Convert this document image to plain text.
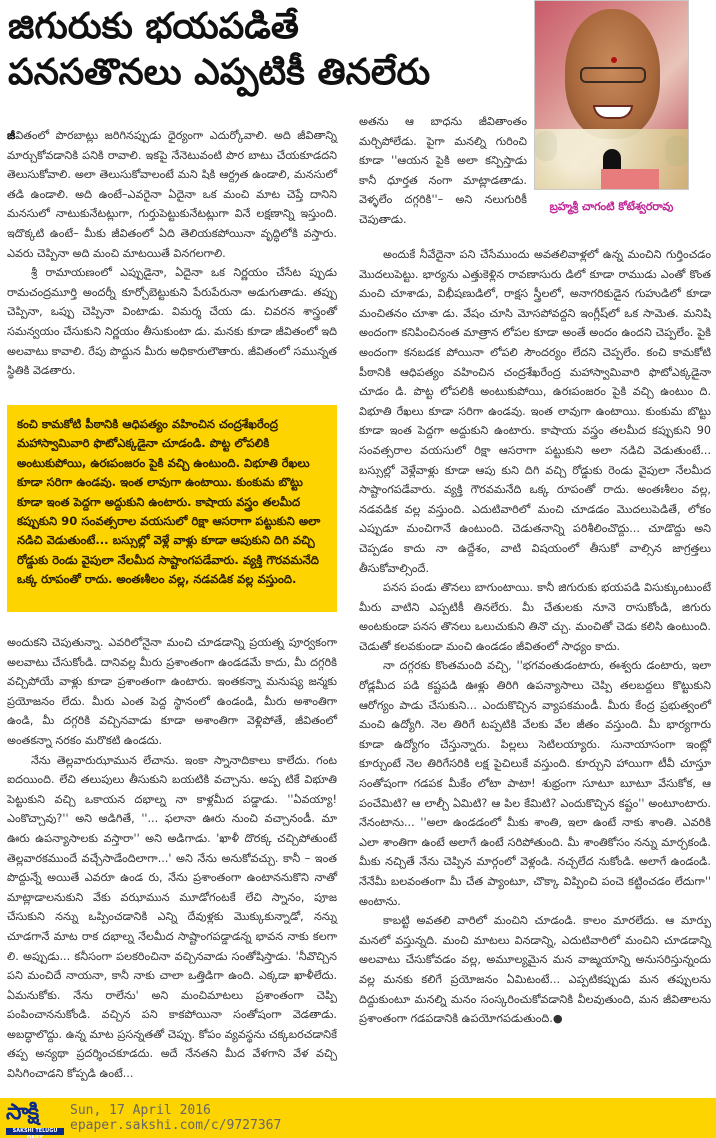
జిగురుకు భయపడితే
పనసతొనలు ఎప్పటికీ తినలేరు
బ్రహ్మశ్రీ చాగంటి కోటేశ్వరరావు

జీవితంలో పొరబాట్లు జరిగినప్పుడు ధైర్యంగా ఎదుర్కోవాలి. అది జీవితాన్ని మార్చుకోవడానికి పనికి రావాలి. ఇకపై నేనెటువంటి పొర బాటు చేయకూడదని తెలుసుకోవాలి. అలా తెలుసుకోవాలంటే మని షికి ఆర్ద్రత ఉండాలి, మనసులో తడి ఉండాలి. అది ఉంటే–ఎవరైనా ఏదైనా ఒక మంచి మాట చెప్తే దానిని మనసులో నాటుకునేటట్లుగా, గుర్తుపెట్టుకునేటట్లుగా వినే లక్షణాన్ని ఇస్తుంది. ఇదొక్కటి ఉంటే– మీకు జీవితంలో ఏది తెలియకపోయినా వృద్ధిలోకి వస్తారు. ఎవరు చెప్పినా అది మంచి మాటయితే వినగలగాలి.

శ్రీ రామాయణంలో ఎప్పుడైనా, ఏదైనా ఒక నిర్ణయం చేసేట ప్పుడు రామచంద్రమూర్తి అందర్నీ కూర్చోబెట్టుకుని పేరుపేరునా అడుగుతాడు. తప్పు చెప్పినా, ఒప్పు చెప్పినా వింటాడు. విమర్శ చేయ డు. చివరన శాస్త్రంతో సమన్వయం చేసుకుని నిర్ణయం తీసుకుంటా డు. మనకు కూడా జీవితంలో ఇది అలవాటు కావాలి. రేపు పొద్దున మీరు అధికారులౌతారు. జీవితంలో సమున్నత స్థితికి వెడతారు.

కంచి కామకోటి పీఠానికి ఆధిపత్యం వహించిన చంద్రశేఖరేంద్ర మహాస్వామివారి ఫొటోఎక్కడైనా చూడండి. పొట్ట లోపలికి అంటుకుపోయి, ఉరఃపంజరం పైకి వచ్చి ఉంటుంది. విభూతి రేఖలు కూడా సరిగా ఉండవు. ఇంత లావుగా ఉంటాయి. కుంకుమ బొట్టు కూడా ఇంత పెద్దగా అద్దుకుని ఉంటారు. కాషాయ వస్త్రం తలమీద కప్పుకుని 90 సంవత్సరాల వయసులో రిక్షా ఆసరాగా పట్టుకుని అలా నడిచి వెడుతుంటే... బస్సుల్లో వెళ్లే వాళ్లు కూడా ఆపుకుని దిగి వచ్చి రోడ్డుకు రెండు వైపులా నేలమీద సాష్టాంగపడేవారు. వ్యక్తి గౌరవమనేది ఒక్క రూపంతో రాదు. అంతఃశీలం వల్ల, నడవడిక వల్ల వస్తుంది.

అందుకని చెపుతున్నా. ఎవరిలోనైనా మంచి చూడడాన్ని ప్రయత్న పూర్వకంగా అలవాటు చేసుకోండి. దానివల్ల మీరు ప్రశాంతంగా ఉండడమే కాదు, మీ దగ్గరికి వచ్చిపోయే వాళ్లు కూడా ప్రశాంతంగా ఉంటారు. ఇంతకన్నా మనుష్య జన్మకు ప్రయోజనం లేదు. మీరు ఎంత పెద్ద స్థానంలో ఉండండి, మీరు అశాంతిగా ఉండి, మీ దగ్గరికి వచ్చినవాడు కూడా అశాంతిగా వెళ్లిపోతే, జీవితంలో అంతకన్నా నరకం మరొకటి ఉండదు.

నేను తెల్లవారుఝామున లేచాను. ఇంకా స్నానాదికాలు కాలేదు. గంట ఐదయింది. లేచి తలుపులు తీసుకుని బయటికి వచ్చాను. అప్ప టికే విభూతి పెట్టుకుని వచ్చి ఒకాయన దభాల్న నా కాళ్లమీద పడ్డాడు. ''ఏవయ్యా! ఎంకొచ్చావు?'' అని అడిగితే, ''... ఫలానా ఊరు నుంచి వచ్చానండీ. మా ఊరు ఉపన్యాసాలకు వస్తారా'' అని అడిగాడు. 'ఖాళీ దొరక్క చచ్చిపోతుంటే తెల్లవారకముందే వచ్చేసాడేందిలాగా...' అని నేను అనుకోవచ్చు. కానీ – ఇంత పొద్దున్నే అయితే ఎవరూ ఉండ రు, నేను ప్రశాంతంగా ఉంటాననుకొని నాతో మాట్లాడాలనుకుని వేకు వఝామున మూడోగంటకే లేచి స్నానం, పూజ చేసుకుని నన్ను ఒప్పించడానికి ఎన్ని దేవుళ్లకు మొక్కుకున్నాడో, నన్ను చూడగానే మాట రాక దభాల్న నేలమీద సాష్టాంగపడ్డాడన్న భావన నాకు కలగా లి. అప్పుడు... కనీసంగా పలకరించినా వచ్చినవాడు సంతోషిస్తాడు. 'నీవొచ్చిన పని మంచిదే నాయనా, కానీ నాకు చాలా ఒత్తిడిగా ఉంది. ఎక్కడా ఖాళీలేదు. ఏమనుకోకు. నేను రాలేను' అని మంచిమాటలు ప్రశాంతంగా చెప్పి పంపించాననుకోండి. వచ్చిన పని కాకపోయినా సంతోషంగా వెడతాడు. అబద్ధాలొద్దు. ఉన్న మాట ప్రసన్నతతో చెప్పు. కోపం వ్యవస్థను చక్కబరచడానికే తప్ప అన్యథా ప్రదర్శించకూడదు. అదే నేనతని మీద వేళగాని వేళ వచ్చి విసిగించాడని కోప్పడి ఉంటే...

అతను ఆ బాధను జీవితాంతం మర్చిపోలేడు. పైగా మనల్ని గురించి కూడా ''ఆయన పైకి అలా కన్పిస్తాడు కానీ ధూర్తత నంగా మాట్లాడతాడు. వెళ్ళలేం దగ్గరికి''– అని నలుగురికీ చెపుతాడు.

అందుకే నీవేదైనా పని చేసేముందు అవతలివాళ్లలో ఉన్న మంచిని గుర్తించడం మొదలుపెట్టు. భార్యను ఎత్తుకెళ్లిన రావణాసురు డిలో కూడా రాముడు ఎంతో కొంత మంచి చూశాడు, విభీషణుడిలో, రాక్షస స్త్రీలలో, అనాగరికుడైన గుహుడిలో కూడా మంచితనం చూశా డు. వేషం చూసి మోసపోవద్దని ఇంగ్లీష్‌లో ఒక సామెత. మనిషి అందంగా కనిపించినంత మాత్రాన లోపల కూడా అంతే అందం ఉందని చెప్పలేం. పైకి అందంగా కనబడక పోయినా లోపలి సౌందర్యం లేదని చెప్పలేం. కంచి కామకోటి పీఠానికి ఆధిపత్యం వహించిన చంద్రశేఖరేంద్ర మహాస్వామివారి ఫొటోఎక్కడైనా చూడం డి. పొట్ట లోపలికి అంటుకుపోయి, ఉరఃపంజరం పైకి వచ్చి ఉంటుం ది. విభూతి రేఖలు కూడా సరిగా ఉండవు. ఇంత లావుగా ఉంటాయి. కుంకుమ బొట్టు కూడా ఇంత పెద్దగా అద్దుకుని ఉంటారు. కాషాయ వస్త్రం తలమీద కప్పుకుని 90 సంవత్సరాల వయసులో రిక్షా ఆసరాగా పట్టుకుని అలా నడిచి వెడుతుంటే... బస్సుల్లో వెళ్లేవాళ్లు కూడా ఆపు కుని దిగి వచ్చి రోడ్డుకు రెండు వైపులా నేలమీద సాష్టాంగపడేవారు. వ్యక్తి గౌరవమనేది ఒక్క రూపంతో రాదు. అంతఃశీలం వల్ల, నడవడిక వల్ల వస్తుంది. ఎదుటివారిలో మంచి చూడడం మొదలుపెడితే, లోకం ఎప్పుడూ మంచిగానే ఉంటుంది. చెడుతనాన్ని పరిశీలించొద్దు... చూడొద్దు అని చెప్పడం కాదు నా ఉద్దేశం, వాటి విషయంలో తీసుకో వాల్సిన జాగ్రత్తలు తీసుకోవాల్సిందే.

పనస పండు తొనలు బాగుంటాయి. కానీ జిగురుకు భయపడి విసుక్కుంటుంటే మీరు వాటిని ఎప్పటికీ తినలేరు. మీ చేతులకు నూనె రాసుకోండి, జిగురు అంటకుండా పనస తొనలు ఒలుచుకుని తినొ చ్చు. మంచితో చెడు కలిసి ఉంటుంది. చెడుతో కలవకుండా మంచి ఉండడం జీవితంలో సాధ్యం కాదు.

నా దగ్గరకు కొంతమంది వచ్చి, ''భగవంతుడంటారు, ఈశ్వరు డంటారు, ఇలా రోడ్లమీద పడి కష్టపడి ఊళ్లు తిరిగి ఉపన్యాసాలు చెప్పి తలబద్దలు కొట్టుకుని ఆరోగ్యం పాడు చేసుకుని... ఎందుకొచ్చిన వ్యాపకమండీ. మీరు కేంద్ర ప్రభుత్వంలో మంచి ఉద్యోగి. నెల తిరిగే టప్పటికి వేలకు వేల జీతం వస్తుంది. మీ భార్యగారు కూడా ఉద్యోగం చేస్తున్నారు. పిల్లలు సెటిలయ్యారు. సునాయాసంగా ఇంట్లో కూర్చుంటే నెల తిరిగేసరికి లక్ష పైచిలుకే వస్తుంది. కూర్చుని హాయిగా టీవీ చూస్తూ సంతోషంగా గడపక మీకేం లోటా పాటా! శుభ్రంగా సూటూ బూటూ వేసుకోక, ఆ పంచేమిటి? ఆ లాల్చీ ఏమిటి? ఆ పిల కేమిటి? ఎందుకొచ్చిన కష్టం'' అంటూంటారు. నేనంటాను... ''అలా ఉండడంలో మీకు శాంతి, ఇలా ఉంటే నాకు శాంతి. ఎవరికి ఎలా శాంతిగా ఉంటే అలాగే ఉంటే సరిపోతుంది. మీ శాంతికోసం నన్ను మార్చకండి. మీకు నచ్చితే నేను చెప్పిన మార్గంలో వెళ్లండి. నచ్చలేద నుకోండి. అలాగే ఉండండి. నేనేమీ బలవంతంగా మీ చేత ప్యాంటూ, చొక్కా విప్పించి పంచె కట్టించడం లేదుగా'' అంటాను.

కాబట్టి అవతలి వారిలో మంచిని చూడండి. కాలం మారలేదు. ఆ మార్పు మనలో వస్తున్నది. మంచి మాటలు వినడాన్ని, ఎదుటివారిలో మంచిని చూడడాన్ని అలవాటు చేసుకోవడం వల్ల, అమూల్యమైన మన వాఙ్మయాన్ని అనుసరిస్తున్నందు వల్ల మనకు కలిగే ప్రయోజనం ఏమిటంటే... ఎప్పటికప్పుడు మన తప్పులను దిద్దుకుంటూ మనల్ని మనం సంస్కరించుకోవడానికి వీలవుతుంది, మన జీవితాలను ప్రశాంతంగా గడపడానికి ఉపయోగపడుతుంది.●

సాక్షి
SAKSHI TELUGU DAILY
Sun, 17 April 2016
epaper.sakshi.com/c/9727367
